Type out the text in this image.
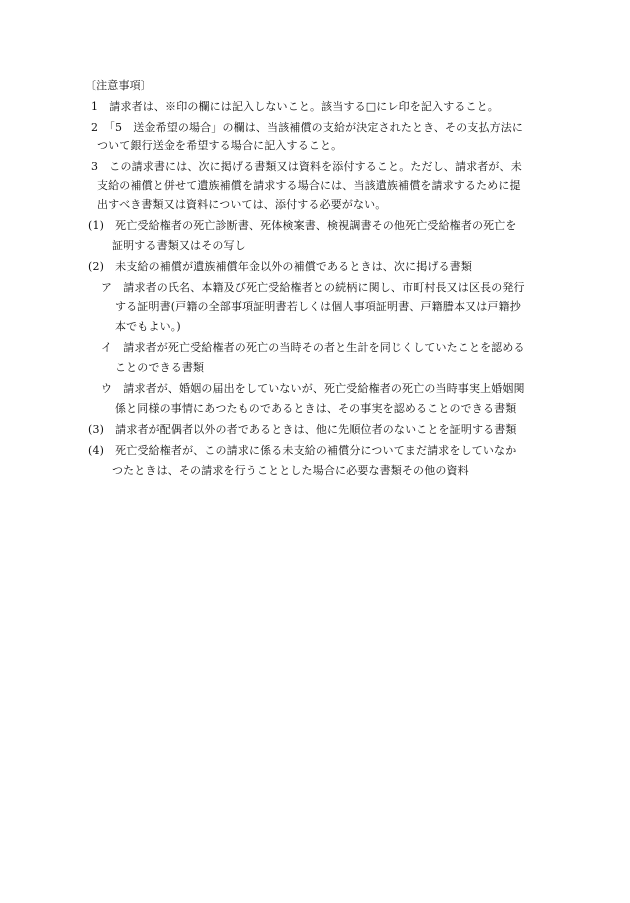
〔注意事項〕
1　請求者は、※印の欄には記入しないこと。該当する□にレ印を記入すること。
2　「5　送金希望の場合」の欄は、当該補償の支給が決定されたとき、その支払方法に
ついて銀行送金を希望する場合に記入すること。
3　この請求書には、次に掲げる書類又は資料を添付すること。ただし、請求者が、未
支給の補償と併せて遺族補償を請求する場合には、当該遺族補償を請求するために提
出すべき書類又は資料については、添付する必要がない。
(1)　死亡受給権者の死亡診断書、死体検案書、検視調書その他死亡受給権者の死亡を
証明する書類又はその写し
(2)　未支給の補償が遺族補償年金以外の補償であるときは、次に掲げる書類
ア　請求者の氏名、本籍及び死亡受給権者との続柄に関し、市町村長又は区長の発行
する証明書(戸籍の全部事項証明書若しくは個人事項証明書、戸籍謄本又は戸籍抄
本でもよい。)
イ　請求者が死亡受給権者の死亡の当時その者と生計を同じくしていたことを認める
ことのできる書類
ウ　請求者が、婚姻の届出をしていないが、死亡受給権者の死亡の当時事実上婚姻関
係と同様の事情にあつたものであるときは、その事実を認めることのできる書類
(3)　請求者が配偶者以外の者であるときは、他に先順位者のないことを証明する書類
(4)　死亡受給権者が、この請求に係る未支給の補償分についてまだ請求をしていなか
つたときは、その請求を行うこととした場合に必要な書類その他の資料
